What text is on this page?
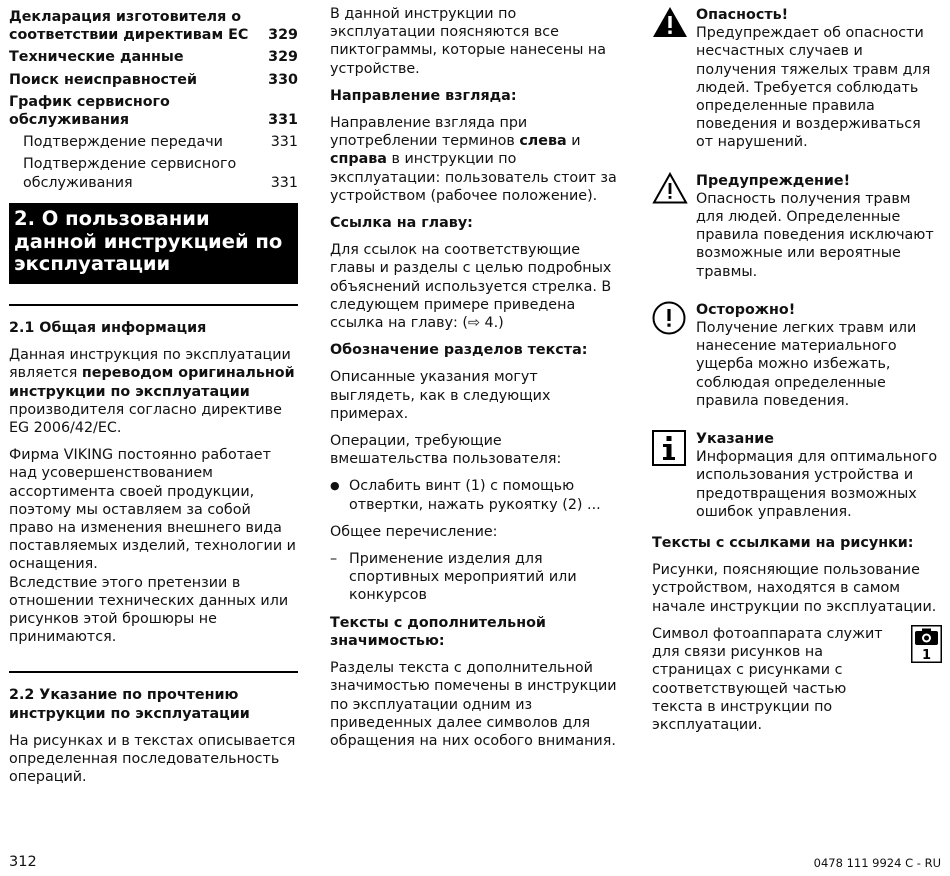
Декларация изготовителя о соответствии директивам ЕС	329
Технические данные	329
Поиск неисправностей	330
График сервисного обслуживания	331
Подтверждение передачи	331
Подтверждение сервисного обслуживания	331
2. О пользовании данной инструкцией по эксплуатации
2.1 Общая информация

Данная инструкция по эксплуатации является переводом оригинальной инструкции по эксплуатации производителя согласно директиве EG 2006/42/EC.

Фирма VIKING постоянно работает над усовершенствованием ассортимента своей продукции, поэтому мы оставляем за собой право на изменения внешнего вида поставляемых изделий, технологии и оснащения.

Вследствие этого претензии в отношении технических данных или рисунков этой брошюры не принимаются.

2.2 Указание по прочтению инструкции по эксплуатации

На рисунках и в текстах описывается определенная последовательность операций.

В данной инструкции по эксплуатации поясняются все пиктограммы, которые нанесены на устройстве.

Направление взгляда:

Направление взгляда при употреблении терминов слева и справа в инструкции по эксплуатации: пользователь стоит за устройством (рабочее положение).

Ссылка на главу:

Для ссылок на соответствующие главы и разделы с целью подробных объяснений используется стрелка. В следующем примере приведена ссылка на главу: (⇨ 4.)

Обозначение разделов текста:

Описанные указания могут выглядеть, как в следующих примерах.

Операции, требующие вмешательства пользователя:

● Ослабить винт (1) с помощью отвертки, нажать рукоятку (2) ...

Общее перечисление:

– Применение изделия для спортивных мероприятий или конкурсов
Тексты с дополнительной значимостью:

Разделы текста с дополнительной значимостью помечены в инструкции по эксплуатации одним из приведенных далее символов для обращения на них особого внимания.

Опасность!
Предупреждает об опасности несчастных случаев и получения тяжелых травм для людей. Требуется соблюдать определенные правила поведения и воздерживаться от нарушений.
Предупреждение!
Опасность получения травм для людей. Определенные правила поведения исключают возможные или вероятные травмы.
Осторожно!
Получение легких травм или нанесение материального ущерба можно избежать, соблюдая определенные правила поведения.
Указание
Информация для оптимального использования устройства и предотвращения возможных ошибок управления.
Тексты с ссылками на рисунки:

Рисунки, поясняющие пользование устройством, находятся в самом начале инструкции по эксплуатации.

Символ фотоаппарата служит для связи рисунков на страницах с рисунками с соответствующей частью текста в инструкции по эксплуатации.

1
312	0478 111 9924 C - RU
